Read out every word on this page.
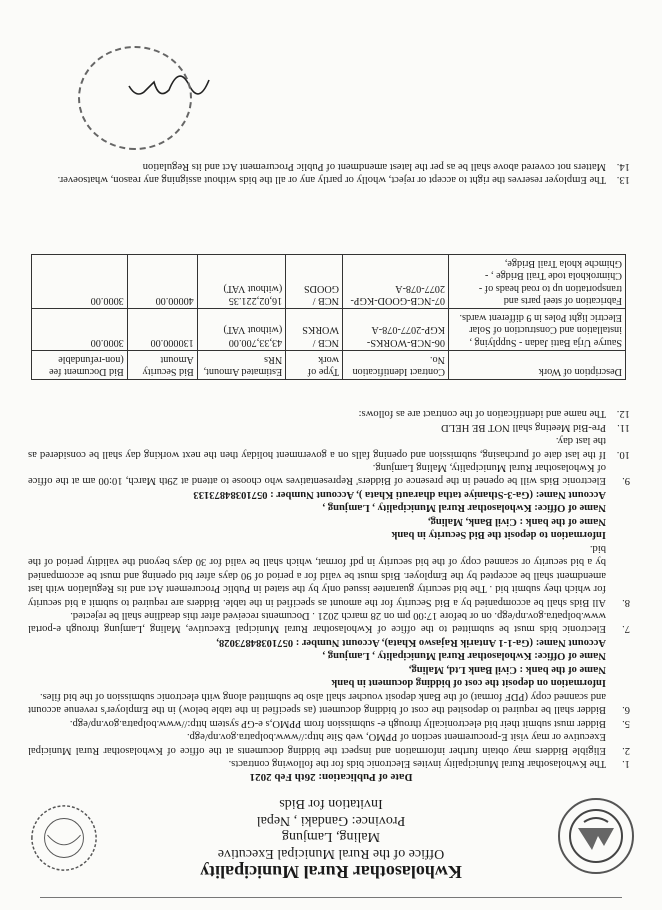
Kwholasothar Rural Municipality
Office of the Rural Municipal Executive
Maling, Lamjung
Province: Gandaki , Nepal
Invitation for Bids
Date of Publication: 26th Feb 2021
1.
The Kwholasothar Rural Municipality invites Electronic bids for the following contracts.
2.
Eligible Bidders may obtain further information and inspect the bidding documents at the office of Kwholasothar Rural Municipal Executive or may visit E-procurement section of PPMO, web Site http://www.bolpatra.gov.np/egp.
5.
Bidder must submit their bid electronically through e- submission from PPMO,s e-GP system http://www.bolpatra.gov.np/egp.
6.
Bidder shall be required to deposited the cost of bidding document (as specified in the table below) in the Employer's revenue account and scanned copy (PDF format) of the Bank deposit voucher shall also be submitted along with electronic submission of the bid files.
Information on deposit the cost of bidding document in bank
Name of the bank : Civil Bank Ltd, Maling,
Name of Office: Kwholasothar Rural Municipality , Lamjung ,
Account Name: (Ga-1-1 Antarik Rajaswo Khata), Account Number : 05710384873028,
7.
Electronic bids must be submitted to the office of Kwholasothar Rural Municipal Executive, Maling ,Lamjung through e-portal www.bolpatra.gov.np/egp. on or before 17:00 pm on 28 march 2021 . Documents received after this deadline shall be rejected.
8.
All Bids shall be accompanied by a Bid Security for the amount as specified in the table. Bidders are required to submit a bid security for which they submit bid . The bid security guarantee issued only by the stated in Public Procurement Act and its Regulation with last amendment shall be accepted by the Employer. Bids must be valid for a period of 90 days after bid opening and must be accompanied by a bid security or scanned copy of the bid security in pdf format, which shall be valid for 30 days beyond the validity period of the bid.
Information to deposit the Bid Security in bank
Name of the bank : Civil Bank, Maling,
Name of Office: Kwholasothar Rural Municipality , Lamjung ,
Account Name: (Ga-3-Sthaniye tatha dharauti Khata ), Account Number : 05710384873133
9.
Electronic Bids will be opened in the presence of Bidders' Representatives who choose to attend at 29th March, 10:00 am at the office of Kwholasothar Rural Municipality, Maling Lamjung.
10.
If the last date of purchasing, submission and opening falls on a government holiday then the next working day shall be considered as the last day.
11.
Pre-Bid Meeting shall NOT BE HELD
12.
The name and identification of the contract are as follows:
Description of Work	Contract Identification No.	Type of work	Estimated Amount, NRs	Bid Security Amount	Bid Document fee (non-refundable
Saurye Urja Batti Jadan - Supplying , installation and Construction of Solar Electric light Poles in 9 different wards.	06-NCB-WORKS-KGP-2077-078-A	NCB / WORKS	43,33,700.00 (without VAT)	130000.00	3000.00
Fabrication of steel parts and transportation up to road heads of - Chimrokhola tode Trail Bridge , -Ghimche khola Trail Bridge,	07-NCB-GOOD-KGP-2077-078-A	NCB / GOODS	16,02,221.35 (without VAT)	40000.00	3000.00
13.
The Employer reserves the right to accept or reject, wholly or partly any or all the bids without assigning any reason, whatsoever.
14.
Matters not covered above shall be as per the latest amendment of Public Procurement Act and its Regulation
